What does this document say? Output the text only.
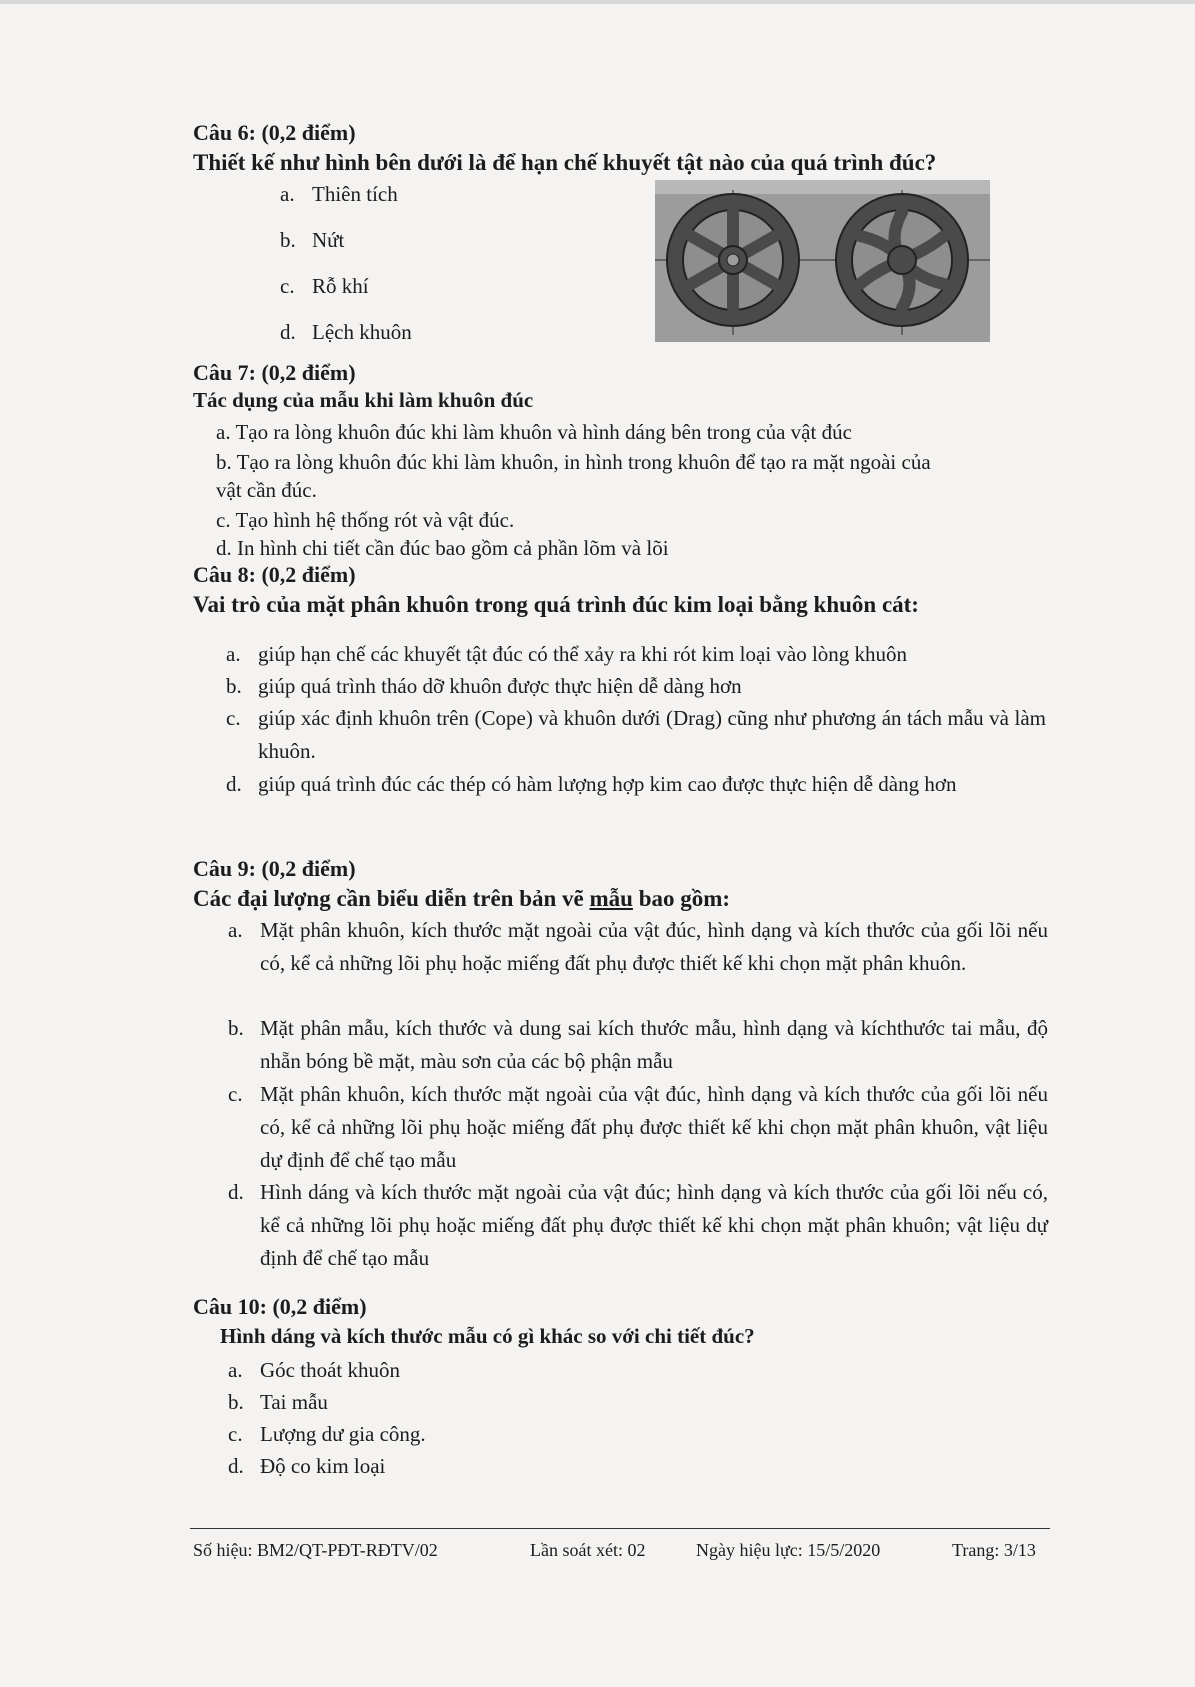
Câu 6: (0,2 điểm)
Thiết kế như hình bên dưới là để hạn chế khuyết tật nào của quá trình đúc?
a. Thiên tích
b. Nứt
c. Rỗ khí
d. Lệch khuôn
Câu 7: (0,2 điểm)
Tác dụng của mẫu khi làm khuôn đúc
a. Tạo ra lòng khuôn đúc khi làm khuôn và hình dáng bên trong của vật đúc
b. Tạo ra lòng khuôn đúc khi làm khuôn, in hình trong khuôn để tạo ra mặt ngoài của
vật cần đúc.
c. Tạo hình hệ thống rót và vật đúc.
d. In hình chi tiết cần đúc bao gồm cả phần lõm và lõi
Câu 8: (0,2 điểm)
Vai trò của mặt phân khuôn trong quá trình đúc kim loại bằng khuôn cát:
a. giúp hạn chế các khuyết tật đúc có thể xảy ra khi rót kim loại vào lòng khuôn
b. giúp quá trình tháo dỡ khuôn được thực hiện dễ dàng hơn
c. giúp xác định khuôn trên (Cope) và khuôn dưới (Drag) cũng như phương án tách mẫu và làm khuôn.
d. giúp quá trình đúc các thép có hàm lượng hợp kim cao được thực hiện dễ dàng hơn
Câu 9: (0,2 điểm)
Các đại lượng cần biểu diễn trên bản vẽ mẫu bao gồm:
a. Mặt phân khuôn, kích thước mặt ngoài của vật đúc, hình dạng và kích thước của gối lõi nếu có, kể cả những lõi phụ hoặc miếng đất phụ được thiết kế khi chọn mặt phân khuôn.
b. Mặt phân mẫu, kích thước và dung sai kích thước mẫu, hình dạng và kíchthước tai mẫu, độ nhẵn bóng bề mặt, màu sơn của các bộ phận mẫu
c. Mặt phân khuôn, kích thước mặt ngoài của vật đúc, hình dạng và kích thước của gối lõi nếu có, kể cả những lõi phụ hoặc miếng đất phụ được thiết kế khi chọn mặt phân khuôn, vật liệu dự định để chế tạo mẫu
d. Hình dáng và kích thước mặt ngoài của vật đúc; hình dạng và kích thước của gối lõi nếu có, kể cả những lõi phụ hoặc miếng đất phụ được thiết kế khi chọn mặt phân khuôn; vật liệu dự định để chế tạo mẫu
Câu 10: (0,2 điểm)
Hình dáng và kích thước mẫu có gì khác so với chi tiết đúc?
a. Góc thoát khuôn
b. Tai mẫu
c. Lượng dư gia công.
d. Độ co kim loại
Số hiệu: BM2/QT-PĐT-RĐTV/02	Lần soát xét: 02	Ngày hiệu lực: 15/5/2020	Trang: 3/13
